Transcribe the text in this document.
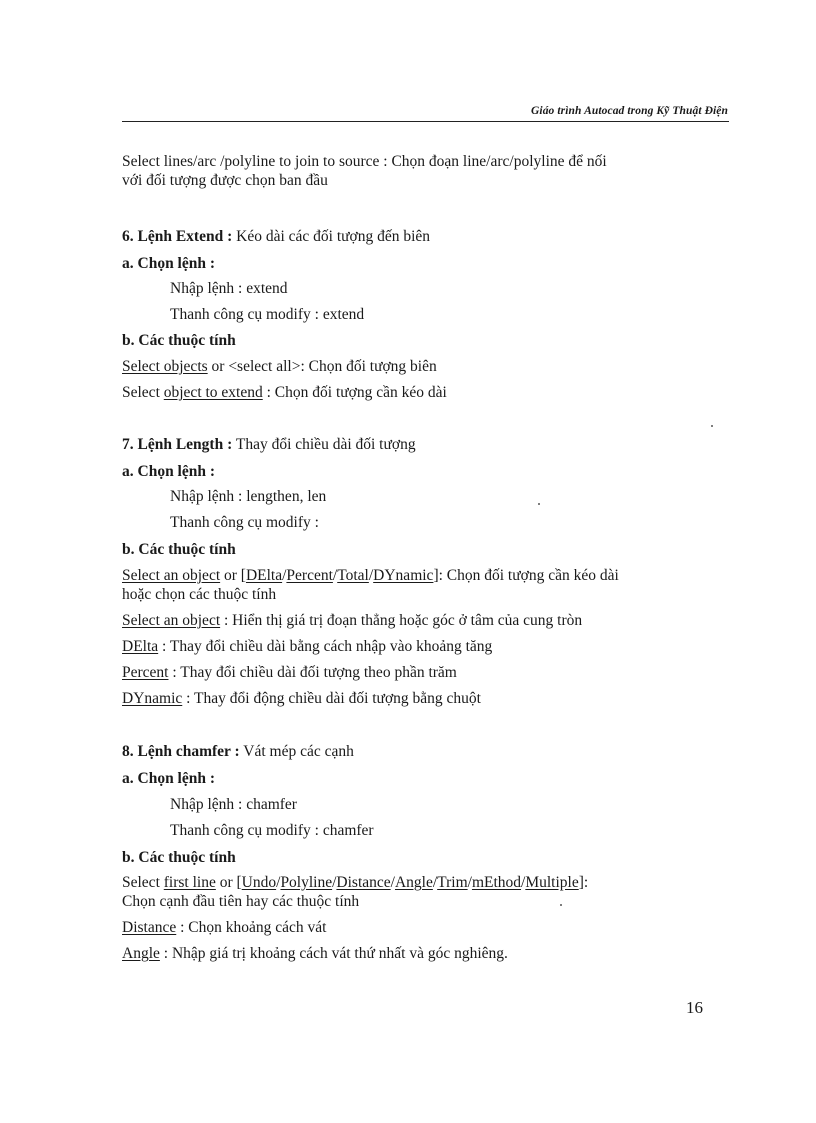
Giáo trình Autocad trong Kỹ Thuật Điện
Select lines/arc /polyline to join to source : Chọn đoạn line/arc/polyline để nối
với đối tượng được chọn ban đầu
6. Lệnh Extend : Kéo dài các đối tượng đến biên
a. Chọn lệnh :
Nhập lệnh : extend
Thanh công cụ modify : extend
b. Các thuộc tính
Select objects or <select all>: Chọn đối tượng biên
Select object to extend : Chọn đối tượng cần kéo dài
7. Lệnh Length : Thay đổi chiều dài đối tượng
a. Chọn lệnh :
Nhập lệnh : lengthen, len
Thanh công cụ modify :
b. Các thuộc tính
Select an object or [DElta/Percent/Total/DYnamic]: Chọn đối tượng cần kéo dài
hoặc chọn các thuộc tính
Select an object : Hiển thị giá trị đoạn thẳng hoặc góc ở tâm của cung tròn
DElta : Thay đổi chiều dài bằng cách nhập vào khoảng tăng
Percent : Thay đổi chiều dài đối tượng theo phần trăm
DYnamic : Thay đổi động chiều dài đối tượng bằng chuột
8. Lệnh chamfer : Vát mép các cạnh
a. Chọn lệnh :
Nhập lệnh : chamfer
Thanh công cụ modify : chamfer
b. Các thuộc tính
Select first line or [Undo/Polyline/Distance/Angle/Trim/mEthod/Multiple]:
Chọn cạnh đầu tiên hay các thuộc tính
Distance : Chọn khoảng cách vát
Angle : Nhập giá trị khoảng cách vát thứ nhất và góc nghiêng.
16
